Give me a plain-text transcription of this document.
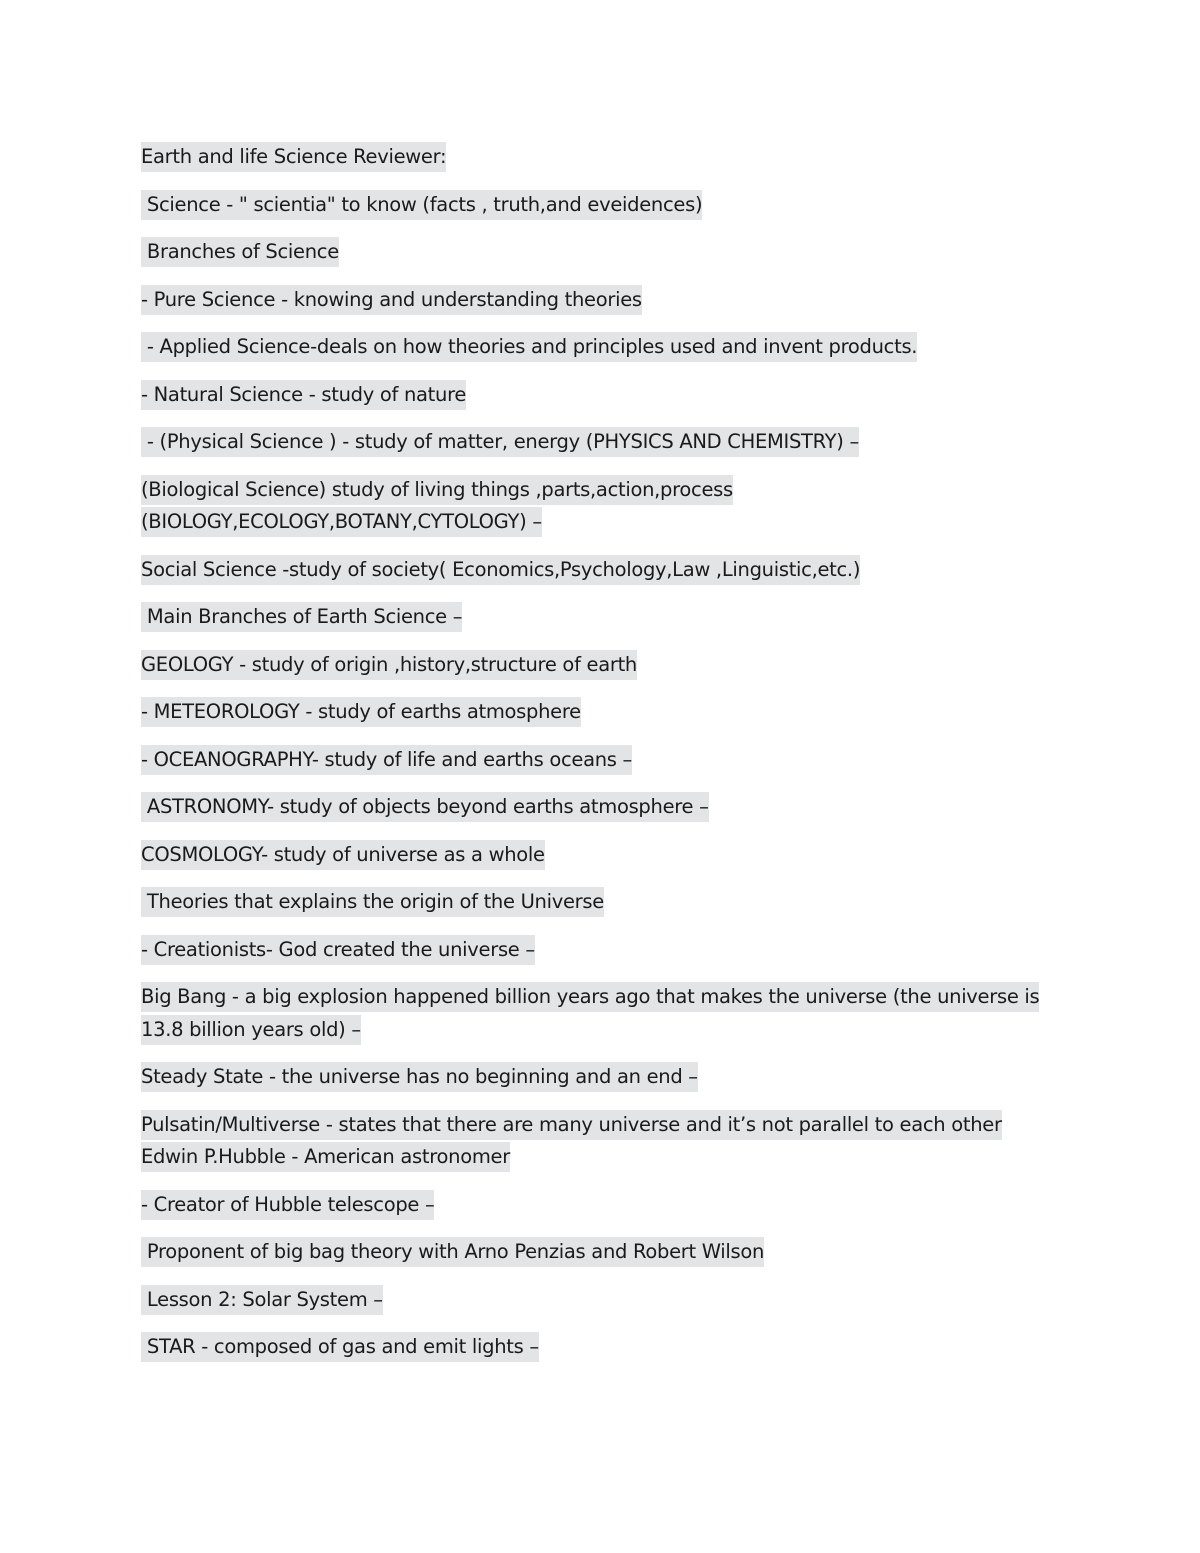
Earth and life Science Reviewer:

Science - " scientia" to know (facts , truth,and eveidences)

Branches of Science

- Pure Science - knowing and understanding theories

- Applied Science-deals on how theories and principles used and invent products.

- Natural Science - study of nature

- (Physical Science ) - study of matter, energy (PHYSICS AND CHEMISTRY) –

(Biological Science) study of living things ,parts,action,process (BIOLOGY,ECOLOGY,BOTANY,CYTOLOGY) –

Social Science -study of society( Economics,Psychology,Law ,Linguistic,etc.)

Main Branches of Earth Science –

GEOLOGY - study of origin ,history,structure of earth

- METEOROLOGY - study of earths atmosphere

- OCEANOGRAPHY- study of life and earths oceans –

ASTRONOMY- study of objects beyond earths atmosphere –

COSMOLOGY- study of universe as a whole

Theories that explains the origin of the Universe

- Creationists- God created the universe –

Big Bang - a big explosion happened billion years ago that makes the universe (the universe is 13.8 billion years old) –

Steady State - the universe has no beginning and an end –

Pulsatin/Multiverse - states that there are many universe and it’s not parallel to each other Edwin P.Hubble - American astronomer

- Creator of Hubble telescope –

Proponent of big bag theory with Arno Penzias and Robert Wilson

Lesson 2: Solar System –

STAR - composed of gas and emit lights –
